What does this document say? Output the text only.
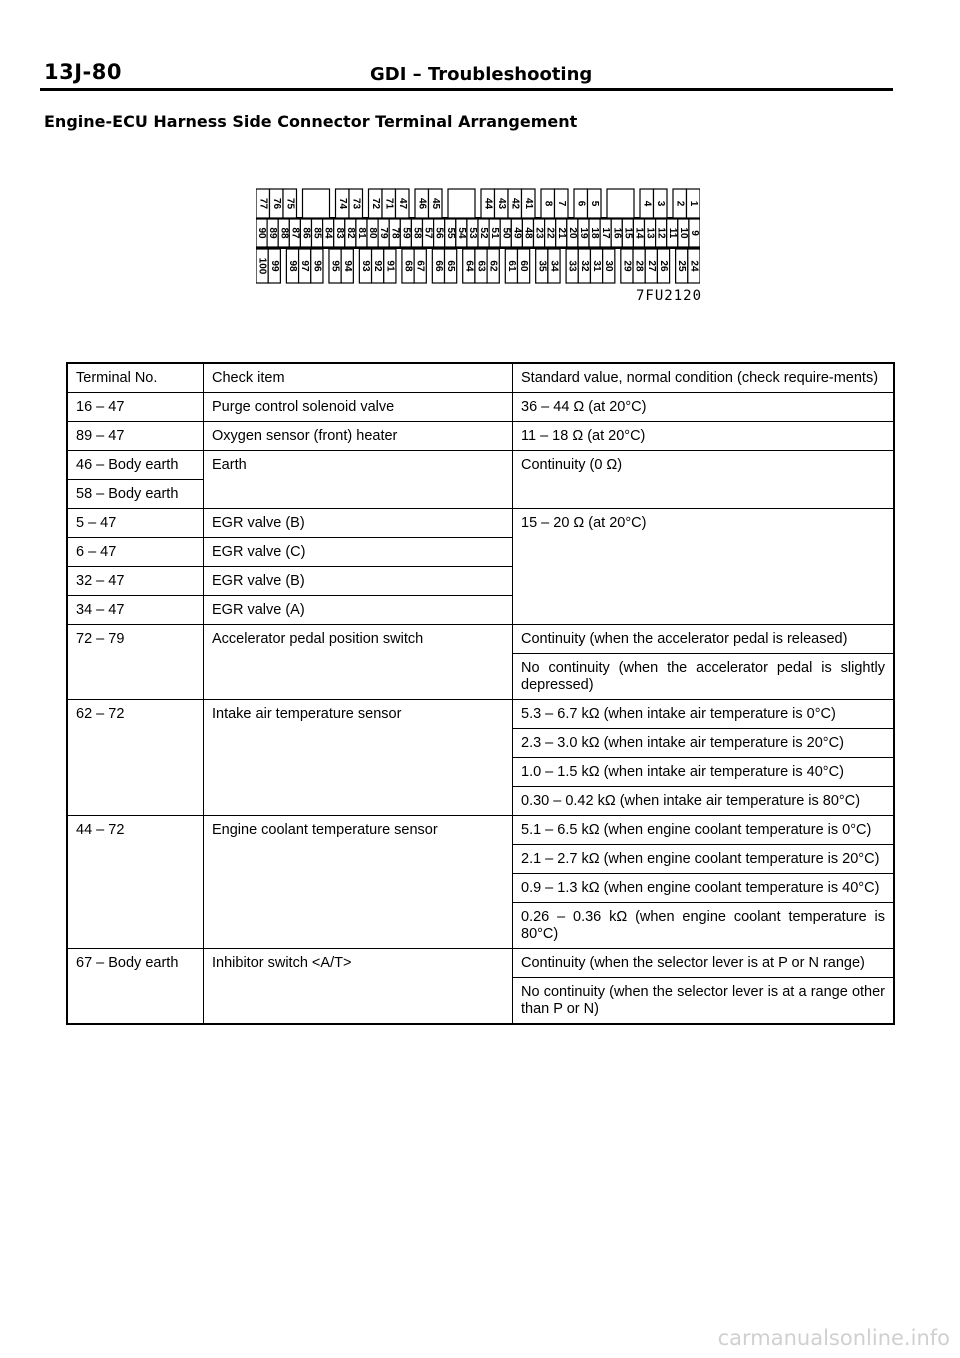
13J-80	GDI – Troubleshooting
Engine-ECU Harness Side Connector Terminal Arrangement
77 76 75	74 73 72 71 47 46 45	44 43 42 41 8 7 6 5	4 3 2 1
90 89 88 87 86 85 84 83 82 81 80 79 78 59 58 57 56 55 54 53 52 51 50 49 48 23 22 21 20 19 18 17 16 15 14 13 12 11 10 9
100 99 98 97 96 95 94 93 92 91 68 67 66 65 64 63 62 61 60 35 34 33 32 31 30 29 28 27 26 25 24
7FU2120
Terminal No.	Check item	Standard value, normal condition (check require-ments)
16 – 47	Purge control solenoid valve	36 – 44 Ω (at 20°C)
89 – 47	Oxygen sensor (front) heater	11 – 18 Ω (at 20°C)
46 – Body earth	Earth	Continuity (0 Ω)
58 – Body earth		
5 – 47	EGR valve (B)	15 – 20 Ω (at 20°C)
6 – 47	EGR valve (C)	
32 – 47	EGR valve (B)	
34 – 47	EGR valve (A)	
72 – 79	Accelerator pedal position switch	Continuity (when the accelerator pedal is released)
		No continuity (when the accelerator pedal is slightly depressed)
62 – 72	Intake air temperature sensor	5.3 – 6.7 kΩ (when intake air temperature is 0°C)
		2.3 – 3.0 kΩ (when intake air temperature is 20°C)
		1.0 – 1.5 kΩ (when intake air temperature is 40°C)
		0.30 – 0.42 kΩ (when intake air temperature is 80°C)
44 – 72	Engine coolant temperature sensor	5.1 – 6.5 kΩ (when engine coolant temperature is 0°C)
		2.1 – 2.7 kΩ (when engine coolant temperature is 20°C)
		0.9 – 1.3 kΩ (when engine coolant temperature is 40°C)
		0.26 – 0.36 kΩ (when engine coolant temperature is 80°C)
67 – Body earth	Inhibitor switch <A/T>	Continuity (when the selector lever is at P or N range)
		No continuity (when the selector lever is at a range other than P or N)
carmanualsonline.info
